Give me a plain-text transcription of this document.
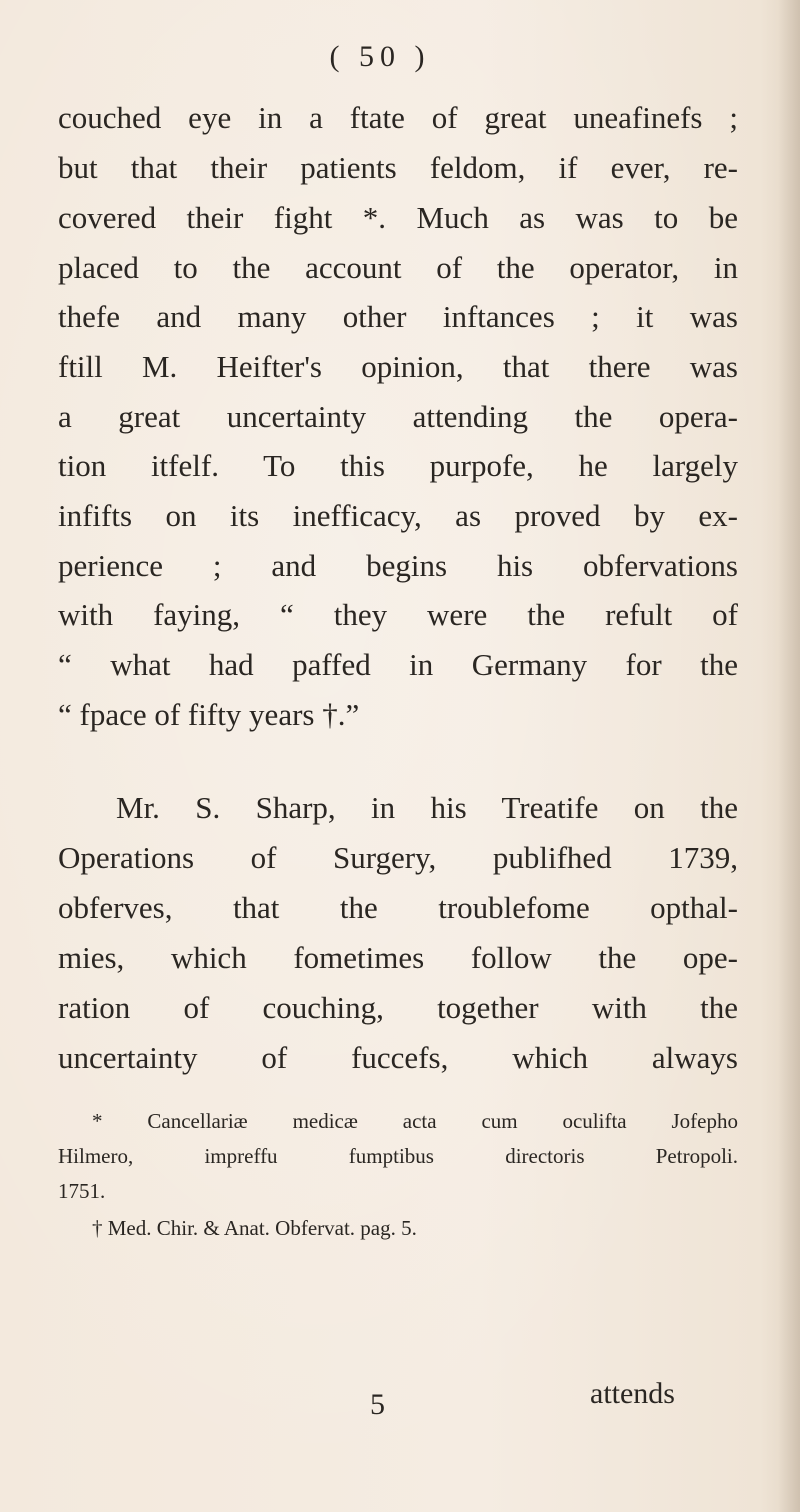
( 50 )
couched eye in a ftate of great uneafinefs ;
but that their patients feldom, if ever, re-
covered their fight *. Much as was to be
placed to the account of the operator, in
thefe and many other inftances ; it was
ftill M. Heifter's opinion, that there was
a great uncertainty attending the opera-
tion itfelf. To this purpofe, he largely
infifts on its inefficacy, as proved by ex-
perience ; and begins his obfervations
with faying, “ they were the refult of
“ what had paffed in Germany for the
“ fpace of fifty years †.”
Mr. S. Sharp, in his Treatife on the
Operations of Surgery, publifhed 1739,
obferves, that the troublefome opthal-
mies, which fometimes follow the ope-
ration of couching, together with the
uncertainty of fuccefs, which always
* Cancellariæ medicæ acta cum oculifta Jofepho
Hilmero, impreffu fumptibus directoris Petropoli.
1751.
† Med. Chir. & Anat. Obfervat. pag. 5.
5	attends
